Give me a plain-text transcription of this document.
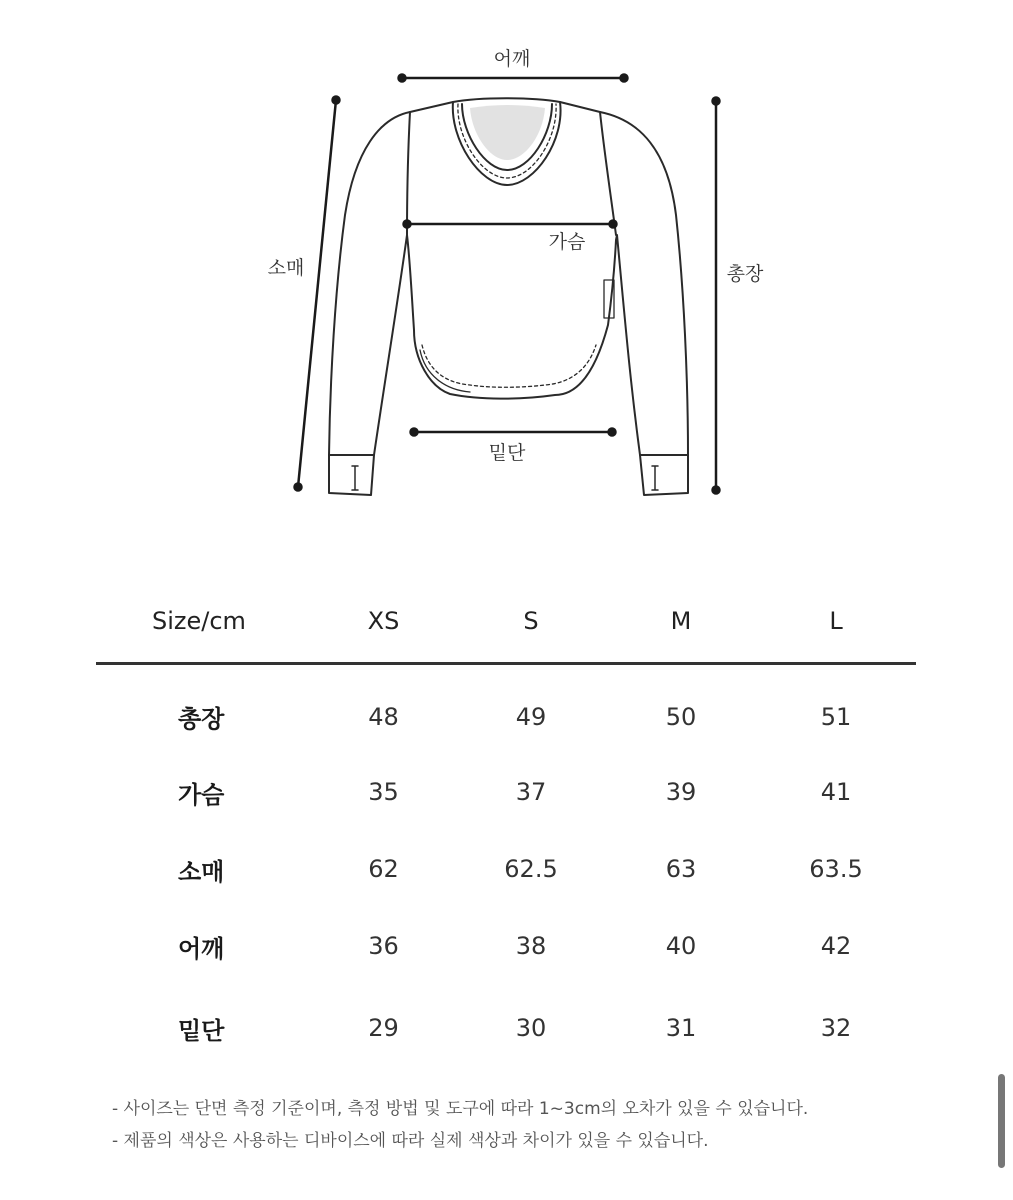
어깨
가슴
소매	총장
밑단
Size/cm	XS	S	M	L
총장	48	49	50	51
가슴	35	37	39	41
소매	62	62.5	63	63.5
어깨	36	38	40	42
밑단	29	30	31	32
- 사이즈는 단면 측정 기준이며, 측정 방법 및 도구에 따라 1~3cm의 오차가 있을 수 있습니다.
- 제품의 색상은 사용하는 디바이스에 따라 실제 색상과 차이가 있을 수 있습니다.
